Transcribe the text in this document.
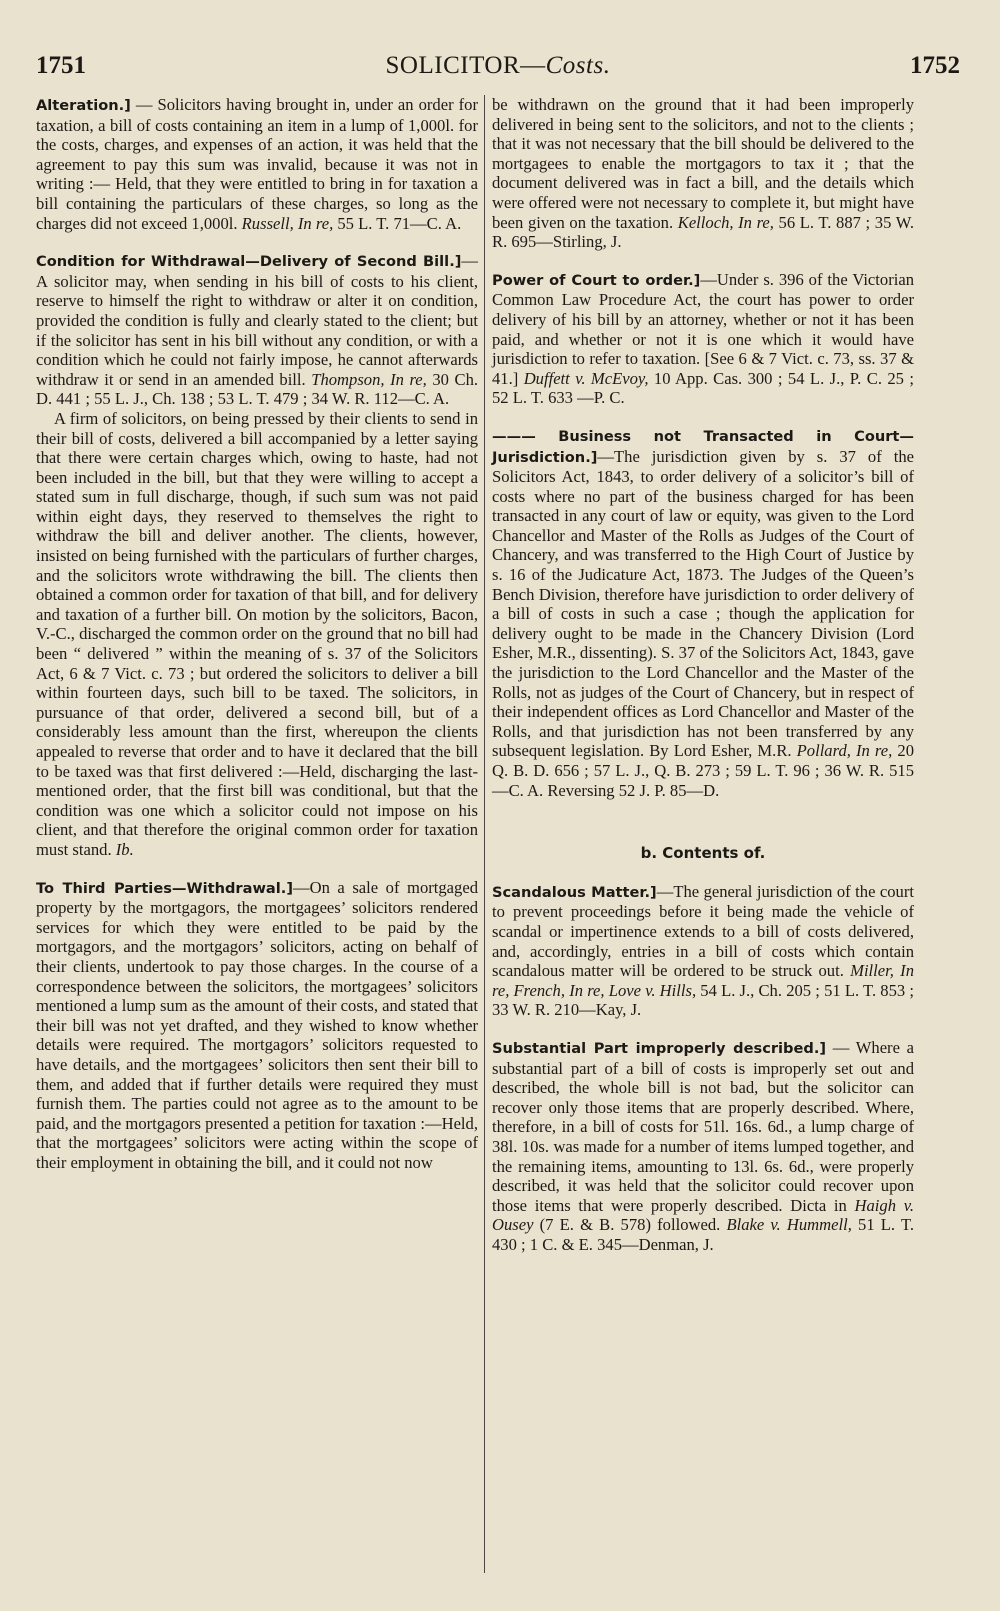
1751	SOLICITOR—Costs.	1752

Alteration.] — Solicitors having brought in, under an order for taxation, a bill of costs containing an item in a lump of 1,000l. for the costs, charges, and expenses of an action, it was held that the agreement to pay this sum was invalid, because it was not in writing :— Held, that they were entitled to bring in for taxation a bill containing the particulars of these charges, so long as the charges did not exceed 1,000l. Russell, In re, 55 L. T. 71—C. A.

Condition for Withdrawal—Delivery of Second Bill.]—A solicitor may, when sending in his bill of costs to his client, reserve to himself the right to withdraw or alter it on condition, provided the condition is fully and clearly stated to the client; but if the solicitor has sent in his bill without any condition, or with a condition which he could not fairly impose, he cannot afterwards withdraw it or send in an amended bill. Thompson, In re, 30 Ch. D. 441 ; 55 L. J., Ch. 138 ; 53 L. T. 479 ; 34 W. R. 112—C. A.

A firm of solicitors, on being pressed by their clients to send in their bill of costs, delivered a bill accompanied by a letter saying that there were certain charges which, owing to haste, had not been included in the bill, but that they were willing to accept a stated sum in full discharge, though, if such sum was not paid within eight days, they reserved to themselves the right to withdraw the bill and deliver another. The clients, however, insisted on being furnished with the particulars of further charges, and the solicitors wrote withdrawing the bill. The clients then obtained a common order for taxation of that bill, and for delivery and taxation of a further bill. On motion by the solicitors, Bacon, V.-C., discharged the common order on the ground that no bill had been “ delivered ” within the meaning of s. 37 of the Solicitors Act, 6 & 7 Vict. c. 73 ; but ordered the solicitors to deliver a bill within fourteen days, such bill to be taxed. The solicitors, in pursuance of that order, delivered a second bill, but of a considerably less amount than the first, whereupon the clients appealed to reverse that order and to have it declared that the bill to be taxed was that first delivered :—Held, discharging the last-mentioned order, that the first bill was conditional, but that the condition was one which a solicitor could not impose on his client, and that therefore the original common order for taxation must stand. Ib.

To Third Parties—Withdrawal.]—On a sale of mortgaged property by the mortgagors, the mortgagees’ solicitors rendered services for which they were entitled to be paid by the mortgagors, and the mortgagors’ solicitors, acting on behalf of their clients, undertook to pay those charges. In the course of a correspondence between the solicitors, the mortgagees’ solicitors mentioned a lump sum as the amount of their costs, and stated that their bill was not yet drafted, and they wished to know whether details were required. The mortgagors’ solicitors requested to have details, and the mortgagees’ solicitors then sent their bill to them, and added that if further details were required they must furnish them. The parties could not agree as to the amount to be paid, and the mortgagors presented a petition for taxation :—Held, that the mortgagees’ solicitors were acting within the scope of their employment in obtaining the bill, and it could not now

be withdrawn on the ground that it had been improperly delivered in being sent to the solicitors, and not to the clients ; that it was not necessary that the bill should be delivered to the mortgagees to enable the mortgagors to tax it ; that the document delivered was in fact a bill, and the details which were offered were not necessary to complete it, but might have been given on the taxation. Kelloch, In re, 56 L. T. 887 ; 35 W. R. 695—Stirling, J.

Power of Court to order.]—Under s. 396 of the Victorian Common Law Procedure Act, the court has power to order delivery of his bill by an attorney, whether or not it has been paid, and whether or not it is one which it would have jurisdiction to refer to taxation. [See 6 & 7 Vict. c. 73, ss. 37 & 41.] Duffett v. McEvoy, 10 App. Cas. 300 ; 54 L. J., P. C. 25 ; 52 L. T. 633 —P. C.

——— Business not Transacted in Court—Jurisdiction.]—The jurisdiction given by s. 37 of the Solicitors Act, 1843, to order delivery of a solicitor’s bill of costs where no part of the business charged for has been transacted in any court of law or equity, was given to the Lord Chancellor and Master of the Rolls as Judges of the Court of Chancery, and was transferred to the High Court of Justice by s. 16 of the Judicature Act, 1873. The Judges of the Queen’s Bench Division, therefore have jurisdiction to order delivery of a bill of costs in such a case ; though the application for delivery ought to be made in the Chancery Division (Lord Esher, M.R., dissenting). S. 37 of the Solicitors Act, 1843, gave the jurisdiction to the Lord Chancellor and the Master of the Rolls, not as judges of the Court of Chancery, but in respect of their independent offices as Lord Chancellor and Master of the Rolls, and that jurisdiction has not been transferred by any subsequent legislation. By Lord Esher, M.R. Pollard, In re, 20 Q. B. D. 656 ; 57 L. J., Q. B. 273 ; 59 L. T. 96 ; 36 W. R. 515—C. A. Reversing 52 J. P. 85—D.

b. Contents of.

Scandalous Matter.]—The general jurisdiction of the court to prevent proceedings before it being made the vehicle of scandal or impertinence extends to a bill of costs delivered, and, accordingly, entries in a bill of costs which contain scandalous matter will be ordered to be struck out. Miller, In re, French, In re, Love v. Hills, 54 L. J., Ch. 205 ; 51 L. T. 853 ; 33 W. R. 210—Kay, J.

Substantial Part improperly described.] — Where a substantial part of a bill of costs is improperly set out and described, the whole bill is not bad, but the solicitor can recover only those items that are properly described. Where, therefore, in a bill of costs for 51l. 16s. 6d., a lump charge of 38l. 10s. was made for a number of items lumped together, and the remaining items, amounting to 13l. 6s. 6d., were properly described, it was held that the solicitor could recover upon those items that were properly described. Dicta in Haigh v. Ousey (7 E. & B. 578) followed. Blake v. Hummell, 51 L. T. 430 ; 1 C. & E. 345—Denman, J.
